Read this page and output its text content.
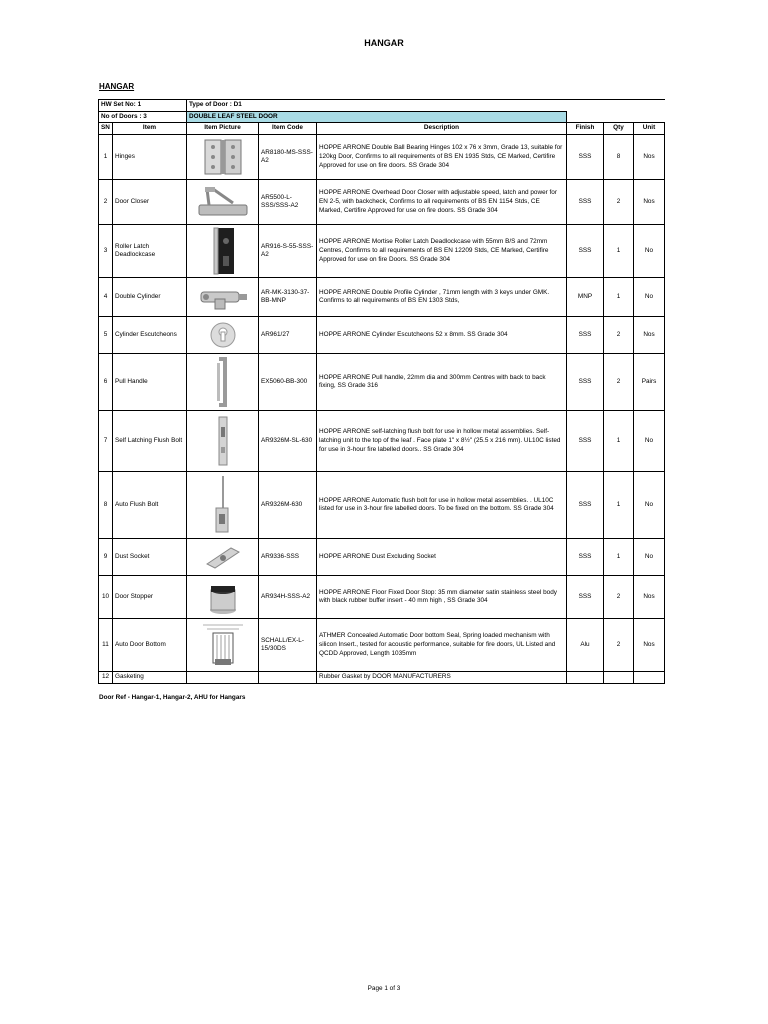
HANGAR
HANGAR
HW Set No: 1		Type of Door : D1					
No of Doors : 3		DOUBLE LEAF STEEL DOOR					
SN	Item	Item Picture	Item Code	Description	Finish	Qty	Unit
1	Hinges		AR8180-MS-SSS-A2	HOPPE ARRONE Double Ball Bearing Hinges 102 x 76 x 3mm, Grade 13, suitable for 120kg Door, Confirms to all requirements of BS EN 1935 Stds, CE Marked, Certifire Approved for use on fire doors. SS Grade 304	SSS	8	Nos
2	Door Closer		AR5500-L-SSS/SSS-A2	HOPPE ARRONE Overhead Door Closer with adjustable speed, latch and power for EN 2-5, with backcheck, Confirms to all requirements of BS EN 1154 Stds, CE Marked, Certifire Approved for use on fire doors. SS Grade 304	SSS	2	Nos
3	Roller Latch Deadlockcase		AR916-S-55-SSS-A2	HOPPE ARRONE Mortise Roller Latch Deadlockcase with 55mm B/S and 72mm Centres, Confirms to all requirements of BS EN 12209 Stds, CE Marked, Certifire Approved for use on fire Doors. SS Grade 304	SSS	1	No
4	Double Cylinder		AR-MK-3130-37-BB-MNP	HOPPE ARRONE Double Profile Cylinder , 71mm length with 3 keys under GMK. Confirms to all requirements of BS EN 1303 Stds,	MNP	1	No
5	Cylinder Escutcheons		AR961/27	HOPPE ARRONE Cylinder Escutcheons 52 x 8mm. SS Grade 304	SSS	2	Nos
6	Pull Handle		EX5060-BB-300	HOPPE ARRONE Pull handle, 22mm dia and 300mm Centres with back to back fixing, SS Grade 316	SSS	2	Pairs
7	Self Latching Flush Bolt		AR9326M-SL-630	HOPPE ARRONE self-latching flush bolt for use in hollow metal assemblies. Self-latching unit to the top of the leaf . Face plate 1" x 8½" (25.5 x 216 mm). UL10C listed for use in 3-hour fire labelled doors.. SS Grade 304	SSS	1	No
8	Auto Flush Bolt		AR9326M-630	HOPPE ARRONE Automatic flush bolt for use in hollow metal assemblies. . UL10C listed for use in 3-hour fire labelled doors. To be fixed on the bottom. SS Grade 304	SSS	1	No
9	Dust Socket		AR9336-SSS	HOPPE ARRONE Dust Excluding Socket	SSS	1	No
10	Door Stopper		AR934H-SSS-A2	HOPPE ARRONE Floor Fixed Door Stop: 35 mm diameter satin stainless steel body with black rubber buffer insert - 40 mm high , SS Grade 304	SSS	2	Nos
11	Auto Door Bottom		SCHALL/EX-L-15/30DS	ATHMER Concealed Automatic Door bottom Seal, Spring loaded mechanism with silicon Insert., tested for acoustic performance, suitable for fire doors, UL Listed and QCDD Approved, Length 1035mm	Alu	2	Nos
12	Gasketing			Rubber Gasket by DOOR MANUFACTURERS			
Door Ref - Hangar-1, Hangar-2, AHU for Hangars
Page 1 of 3
